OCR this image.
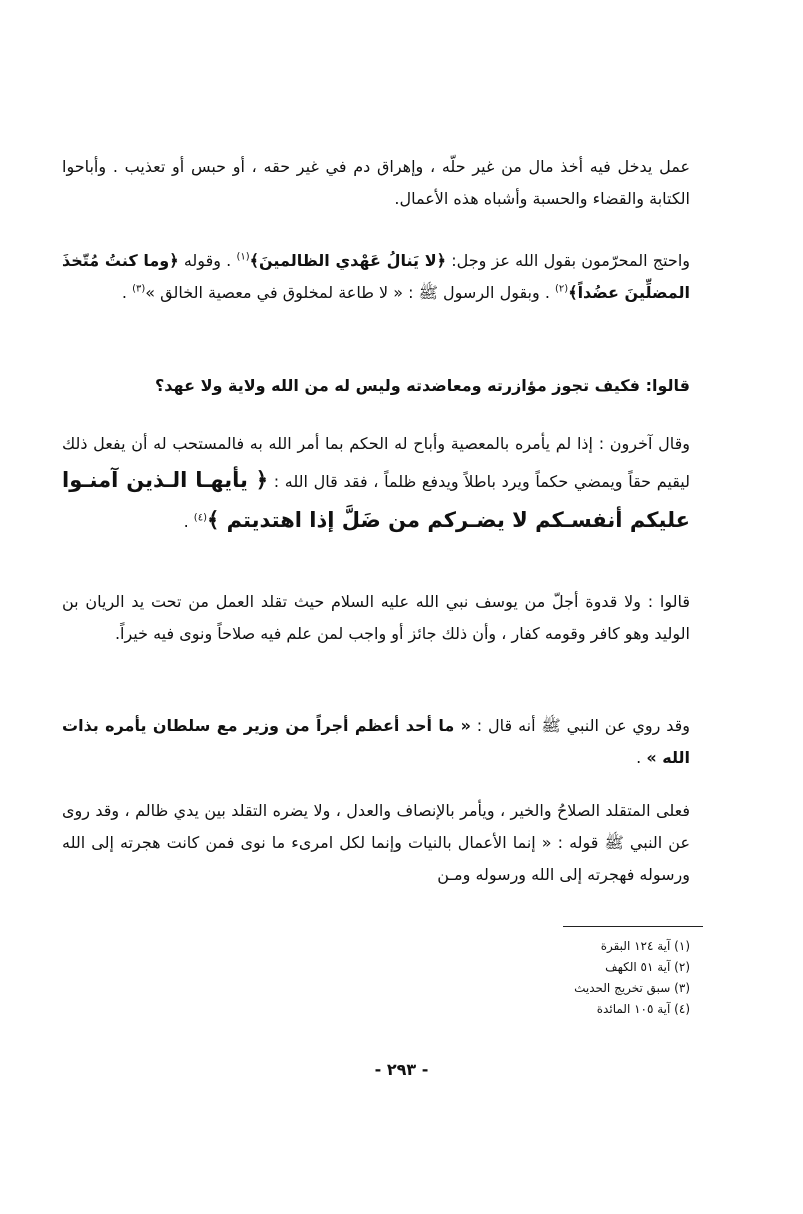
عمل يدخل فيه أخذ مال من غير حلّه ، وإهراق دم في غير حقه ، أو حبس أو تعذيب . وأباحوا الكتابة والقضاء والحسبة وأشباه هذه الأعمال.

واحتج المحرّمون بقول الله عز وجل: ﴿لا يَنالُ عَهْدي الظالمينَ﴾$^{(١)}$ . وقوله ﴿وما كنتُ مُتّخذَ المضلِّينَ عضُداً﴾$^{(٢)}$ . وبقول الرسول ﷺ : « لا طاعة لمخلوق في معصية الخالق »$^{(٣)}$ .

قالوا: فكيف تجوز مؤازرته ومعاضدته وليس له من الله ولاية ولا عهد؟

وقال آخرون : إذا لم يأمره بالمعصية وأباح له الحكم بما أمر الله به فالمستحب له أن يفعل ذلك ليقيم حقاً ويمضي حكماً ويرد باطلاً ويدفع ظلماً ، فقد قال الله : ﴿ يأيهـا الـذين آمنـوا عليكم أنفسـكم لا يضـركم من ضَلَّ إذا اهتديتم ﴾$^{(٤)}$ .

قالوا : ولا قدوة أجلّ من يوسف نبي الله عليه السلام حيث تقلد العمل من تحت يد الريان بن الوليد وهو كافر وقومه كفار ، وأن ذلك جائز أو واجب لمن علم فيه صلاحاً ونوى فيه خيراً.

وقد روي عن النبي ﷺ أنه قال : « ما أحد أعظم أجراً من وزير مع سلطان يأمره بذات الله » .

فعلى المتقلد الصلاحُ والخير ، ويأمر بالإنصاف والعدل ، ولا يضره التقلد بين يدي ظالم ، وقد روى عن النبي ﷺ قوله : « إنما الأعمال بالنيات وإنما لكل امرىء ما نوى فمن كانت هجرته إلى الله ورسوله فهجرته إلى الله ورسوله ومـن

(١) آية ١٢٤ البقرة
(٢) آية ٥١ الكهف
(٣) سبق تخريج الحديث
(٤) آية ١٠٥ المائدة
- ٢٩٣ -
